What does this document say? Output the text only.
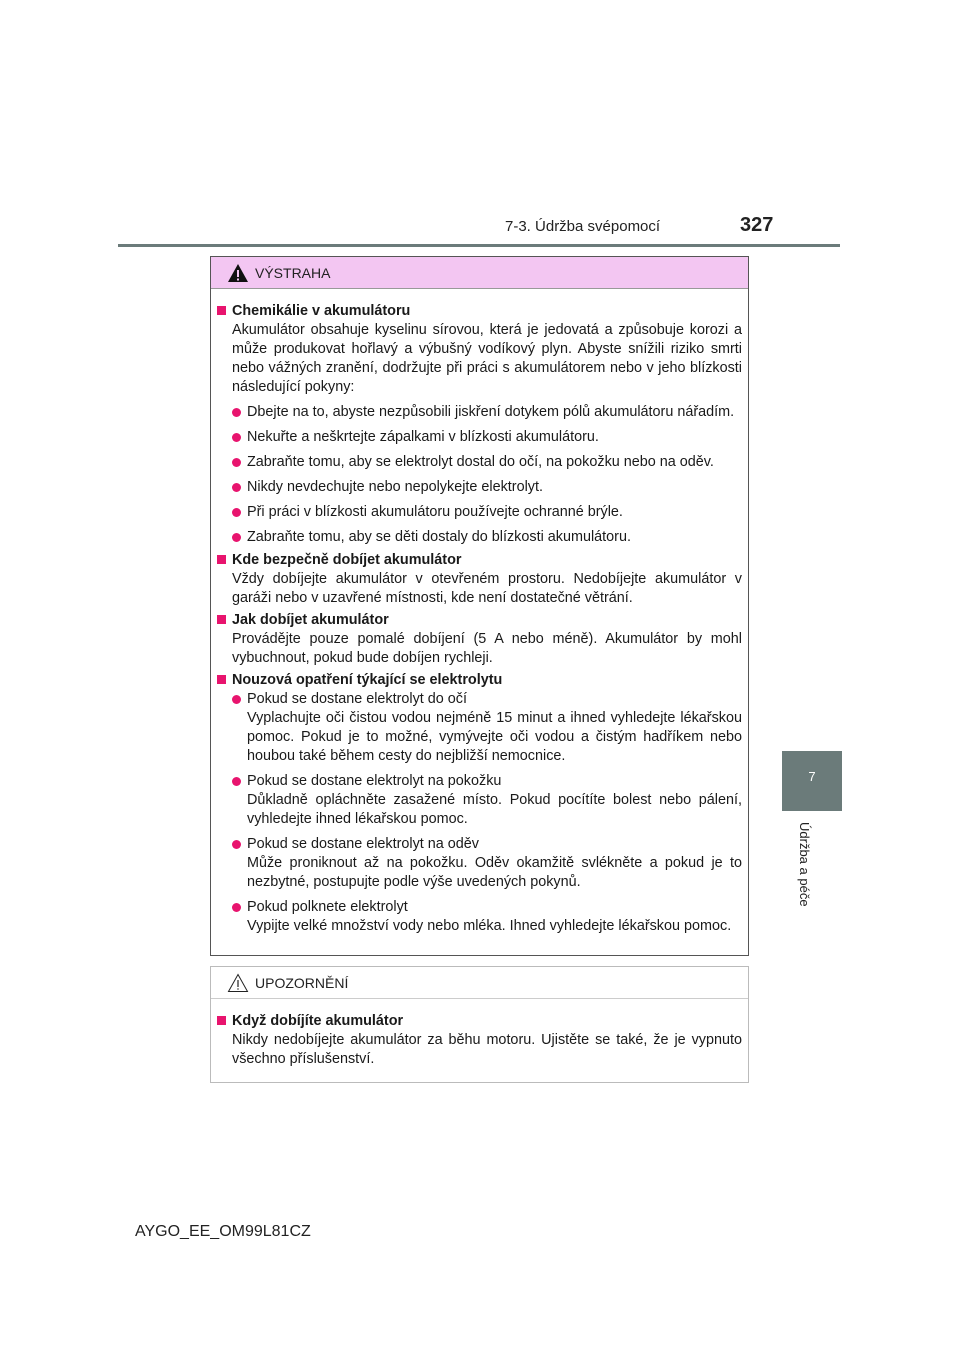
7-3. Údržba svépomocí	327
7
Údržba a péče
VÝSTRAHA
Chemikálie v akumulátoru
Akumulátor obsahuje kyselinu sírovou, která je jedovatá a způsobuje korozi a může produkovat hořlavý a výbušný vodíkový plyn. Abyste snížili riziko smrti nebo vážných zranění, dodržujte při práci s akumulátorem nebo v jeho blízkosti následující pokyny:
Dbejte na to, abyste nezpůsobili jiskření dotykem pólů akumulátoru nářadím.
Nekuřte a neškrtejte zápalkami v blízkosti akumulátoru.
Zabraňte tomu, aby se elektrolyt dostal do očí, na pokožku nebo na oděv.
Nikdy nevdechujte nebo nepolykejte elektrolyt.
Při práci v blízkosti akumulátoru používejte ochranné brýle.
Zabraňte tomu, aby se děti dostaly do blízkosti akumulátoru.
Kde bezpečně dobíjet akumulátor
Vždy dobíjejte akumulátor v otevřeném prostoru. Nedobíjejte akumulátor v garáži nebo v uzavřené místnosti, kde není dostatečné větrání.
Jak dobíjet akumulátor
Provádějte pouze pomalé dobíjení (5 A nebo méně). Akumulátor by mohl vybuchnout, pokud bude dobíjen rychleji.
Nouzová opatření týkající se elektrolytu
Pokud se dostane elektrolyt do očí
Vyplachujte oči čistou vodou nejméně 15 minut a ihned vyhledejte lékařskou pomoc. Pokud je to možné, vymývejte oči vodou a čistým hadříkem nebo houbou také během cesty do nejbližší nemocnice.
Pokud se dostane elektrolyt na pokožku
Důkladně opláchněte zasažené místo. Pokud pocítíte bolest nebo pálení, vyhledejte ihned lékařskou pomoc.
Pokud se dostane elektrolyt na oděv
Může proniknout až na pokožku. Oděv okamžitě svlékněte a pokud je to nezbytné, postupujte podle výše uvedených pokynů.
Pokud polknete elektrolyt
Vypijte velké množství vody nebo mléka. Ihned vyhledejte lékařskou pomoc.
UPOZORNĚNÍ
Když dobíjíte akumulátor
Nikdy nedobíjejte akumulátor za běhu motoru. Ujistěte se také, že je vypnuto všechno příslušenství.
AYGO_EE_OM99L81CZ
